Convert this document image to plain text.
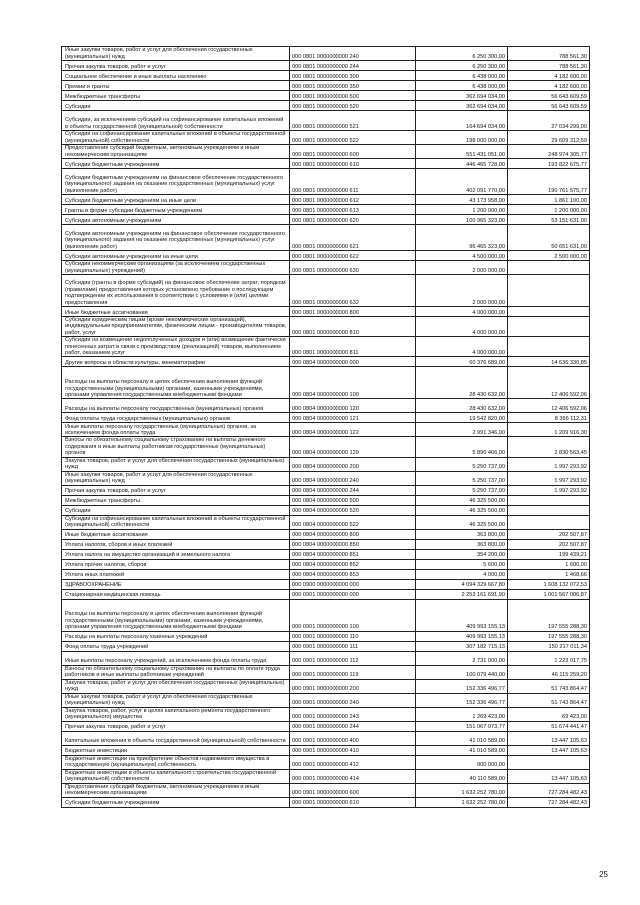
Иные закупки товаров, работ и услуг для обеспечения государственных (муниципальных) нужд	000 0801 0000000000 240	6 250 300,00	788 561,30
Прочая закупка товаров, работ и услуг	000 0801 0000000000 244	6 250 300,00	788 561,30
Социальное обеспечение и иные выплаты населению	000 0801 0000000000 300	6 438 000,00	4 182 600,00
Премии и гранты	000 0801 0000000000 350	6 438 000,00	4 182 600,00
Межбюджетные трансферты	000 0801 0000000000 500	362 694 034,00	56 643 609,59
Субсидии	000 0801 0000000000 520	362 694 034,00	56 643 609,59
Субсидии, за исключением субсидий на софинансирование капитальных вложений в объекты государственной (муниципальной) собственности	000 0801 0000000000 521	164 694 034,00	27 034 299,00
Субсидии на софинансирование капитальных вложений в объекты государственной (муниципальной) собственности	000 0801 0000000000 522	198 000 000,00	29 609 312,59
Предоставление субсидий бюджетным, автономным учреждениям и иным некоммерческим организациям	000 0801 0000000000 600	551 431 051,00	248 974 305,77
Субсидии бюджетным учреждениям	000 0801 0000000000 610	446 465 728,00	193 822 675,77
Субсидии бюджетным учреждениям на финансовое обеспечение государственного (муниципального) задания на оказание государственных (муниципальных) услуг (выполнение работ)	000 0801 0000000000 611	402 091 770,00	190 761 575,77
Субсидии бюджетным учреждениям на иные цели	000 0801 0000000000 612	43 173 958,00	1 861 100,00
Гранты в форме субсидии бюджетным учреждениям	000 0801 0000000000 613	1 200 000,00	1 200 000,00
Субсидии автономным учреждениям	000 0801 0000000000 620	100 965 323,00	53 151 631,00
Субсидии автономным учреждениям на финансовое обеспечение государственного (муниципального) задания на оказание государственных (муниципальных) услуг (выполнение работ)	000 0801 0000000000 621	96 465 323,00	50 651 631,00
Субсидии автономным учреждениям на иные цели	000 0801 0000000000 622	4 500 000,00	2 500 000,00
Субсидии некоммерческим организациям (за исключением государственных (муниципальных) учреждений)	000 0801 0000000000 630	2 000 000,00	
Субсидии (гранты в форме субсидий) на финансовое обеспечение затрат, порядком (правилами) предоставления которых установлено требование о последующем подтверждении их использования в соответствии с условиями и (или) целями предоставления	000 0801 0000000000 632	2 000 000,00	
Иные бюджетные ассигнования	000 0801 0000000000 800	4 000 000,00	
Субсидии юридическим лицам (кроме некоммерческих организаций), индивидуальным предпринимателям, физическим лицам - производителям товаров, работ, услуг	000 0801 0000000000 810	4 000 000,00	
Субсидии на возмещение недополученных доходов и (или) возмещение фактически понесенных затрат в связи с производством (реализацией) товаров, выполнением работ, оказанием услуг	000 0801 0000000000 811	4 000 000,00	
Другие вопросы в области культуры, кинематографии	000 0804 0000000000 000	60 376 689,00	14 636 330,85
Расходы на выплаты персоналу в целях обеспечения выполнения функций государственными (муниципальными) органами, казенными учреждениями, органами управления государственными внебюджетными фондами	000 0804 0000000000 100	28 430 632,00	12 406 592,06
Расходы на выплаты персоналу государственных (муниципальных) органов	000 0804 0000000000 120	28 430 632,00	12 406 592,06
Фонд оплаты труда государственных (муниципальных) органов	000 0804 0000000000 121	19 542 820,00	8 366 112,31
Иные выплаты персоналу государственных (муниципальных) органов, за исключением фонда оплаты труда	000 0804 0000000000 122	2 991 346,00	1 209 916,30
Взносы по обязательному социальному страхованию на выплаты денежного содержания и иные выплаты работникам государственных (муниципальных) органов	000 0804 0000000000 129	5 896 466,00	2 830 563,45
Закупка товаров, работ и услуг для обеспечения государственных (муниципальных) нужд	000 0804 0000000000 200	5 250 737,00	1 997 293,92
Иные закупки товаров, работ и услуг для обеспечения государственных (муниципальных) нужд	000 0804 0000000000 240	5 250 737,00	1 997 293,92
Прочая закупка товаров, работ и услуг	000 0804 0000000000 244	5 250 737,00	1 997 293,92
Межбюджетные трансферты	000 0804 0000000000 500	46 325 500,00	
Субсидии	000 0804 0000000000 520	46 325 500,00	
Субсидии на софинансирование капитальных вложений в объекты государственной (муниципальной) собственности	000 0804 0000000000 522	46 325 500,00	
Иные бюджетные ассигнования	000 0804 0000000000 800	363 800,00	202 507,87
Уплата налогов, сборов и иных платежей	000 0804 0000000000 850	363 800,00	202 507,87
Уплата налога на имущество организаций и земельного налога	000 0804 0000000000 851	354 200,00	199 439,21
Уплата прочих налогов, сборов	000 0804 0000000000 852	5 600,00	1 600,00
Уплата иных платежей	000 0804 0000000000 853	4 000,00	1 468,66
ЗДРАВООХРАНЕНИЕ	000 0900 0000000000 000	4 094 329 667,80	1 608 132 072,53
Стационарная медицинская помощь	000 0901 0000000000 000	2 253 161 691,90	1 001 567 006,87
Расходы на выплаты персоналу в целях обеспечения выполнения функций государственными (муниципальными) органами, казенными учреждениями, органами управления государственными внебюджетными фондами	000 0901 0000000000 100	409 993 155,13	197 555 288,30
Расходы на выплаты персоналу казенных учреждений	000 0901 0000000000 110	409 993 155,13	197 555 288,30
Фонд оплаты труда учреждений	000 0901 0000000000 111	307 182 715,13	150 217 011,34
Иные выплаты персоналу учреждений, за исключением фонда оплаты труда	000 0901 0000000000 112	2 731 000,00	1 223 017,75
Взносы по обязательному социальному страхованию на выплаты по оплате труда работников и иные выплаты работникам учреждений	000 0901 0000000000 119	100 079 440,00	46 115 259,20
Закупка товаров, работ и услуг для обеспечения государственных (муниципальных) нужд	000 0901 0000000000 200	152 336 496,77	51 743 864,47
Иные закупки товаров, работ и услуг для обеспечения государственных (муниципальных) нужд	000 0901 0000000000 240	152 336 496,77	51 743 864,47
Закупка товаров, работ, услуг в целях капитального ремонта государственного (муниципального) имущества	000 0901 0000000000 243	1 269 423,00	69 423,00
Прочая закупка товаров, работ и услуг	000 0901 0000000000 244	151 067 073,77	51 674 441,47
Капитальные вложения в объекты государственной (муниципальной) собственности	000 0901 0000000000 400	41 010 589,00	13 447 105,63
Бюджетные инвестиции	000 0901 0000000000 410	41 010 589,00	13 447 105,63
Бюджетные инвестиции на приобретение объектов недвижимого имущества в государственную (муниципальную) собственность	000 0901 0000000000 412	900 000,00	
Бюджетные инвестиции в объекты капитального строительства государственной (муниципальной) собственности	000 0901 0000000000 414	40 110 589,00	13 447 105,63
Предоставление субсидий бюджетным, автономным учреждениям и иным некоммерческим организациям	000 0901 0000000000 600	1 632 252 780,00	727 284 482,43
Субсидии бюджетным учреждениям	000 0901 0000000000 610	1 632 252 780,00	727 284 482,43
25
